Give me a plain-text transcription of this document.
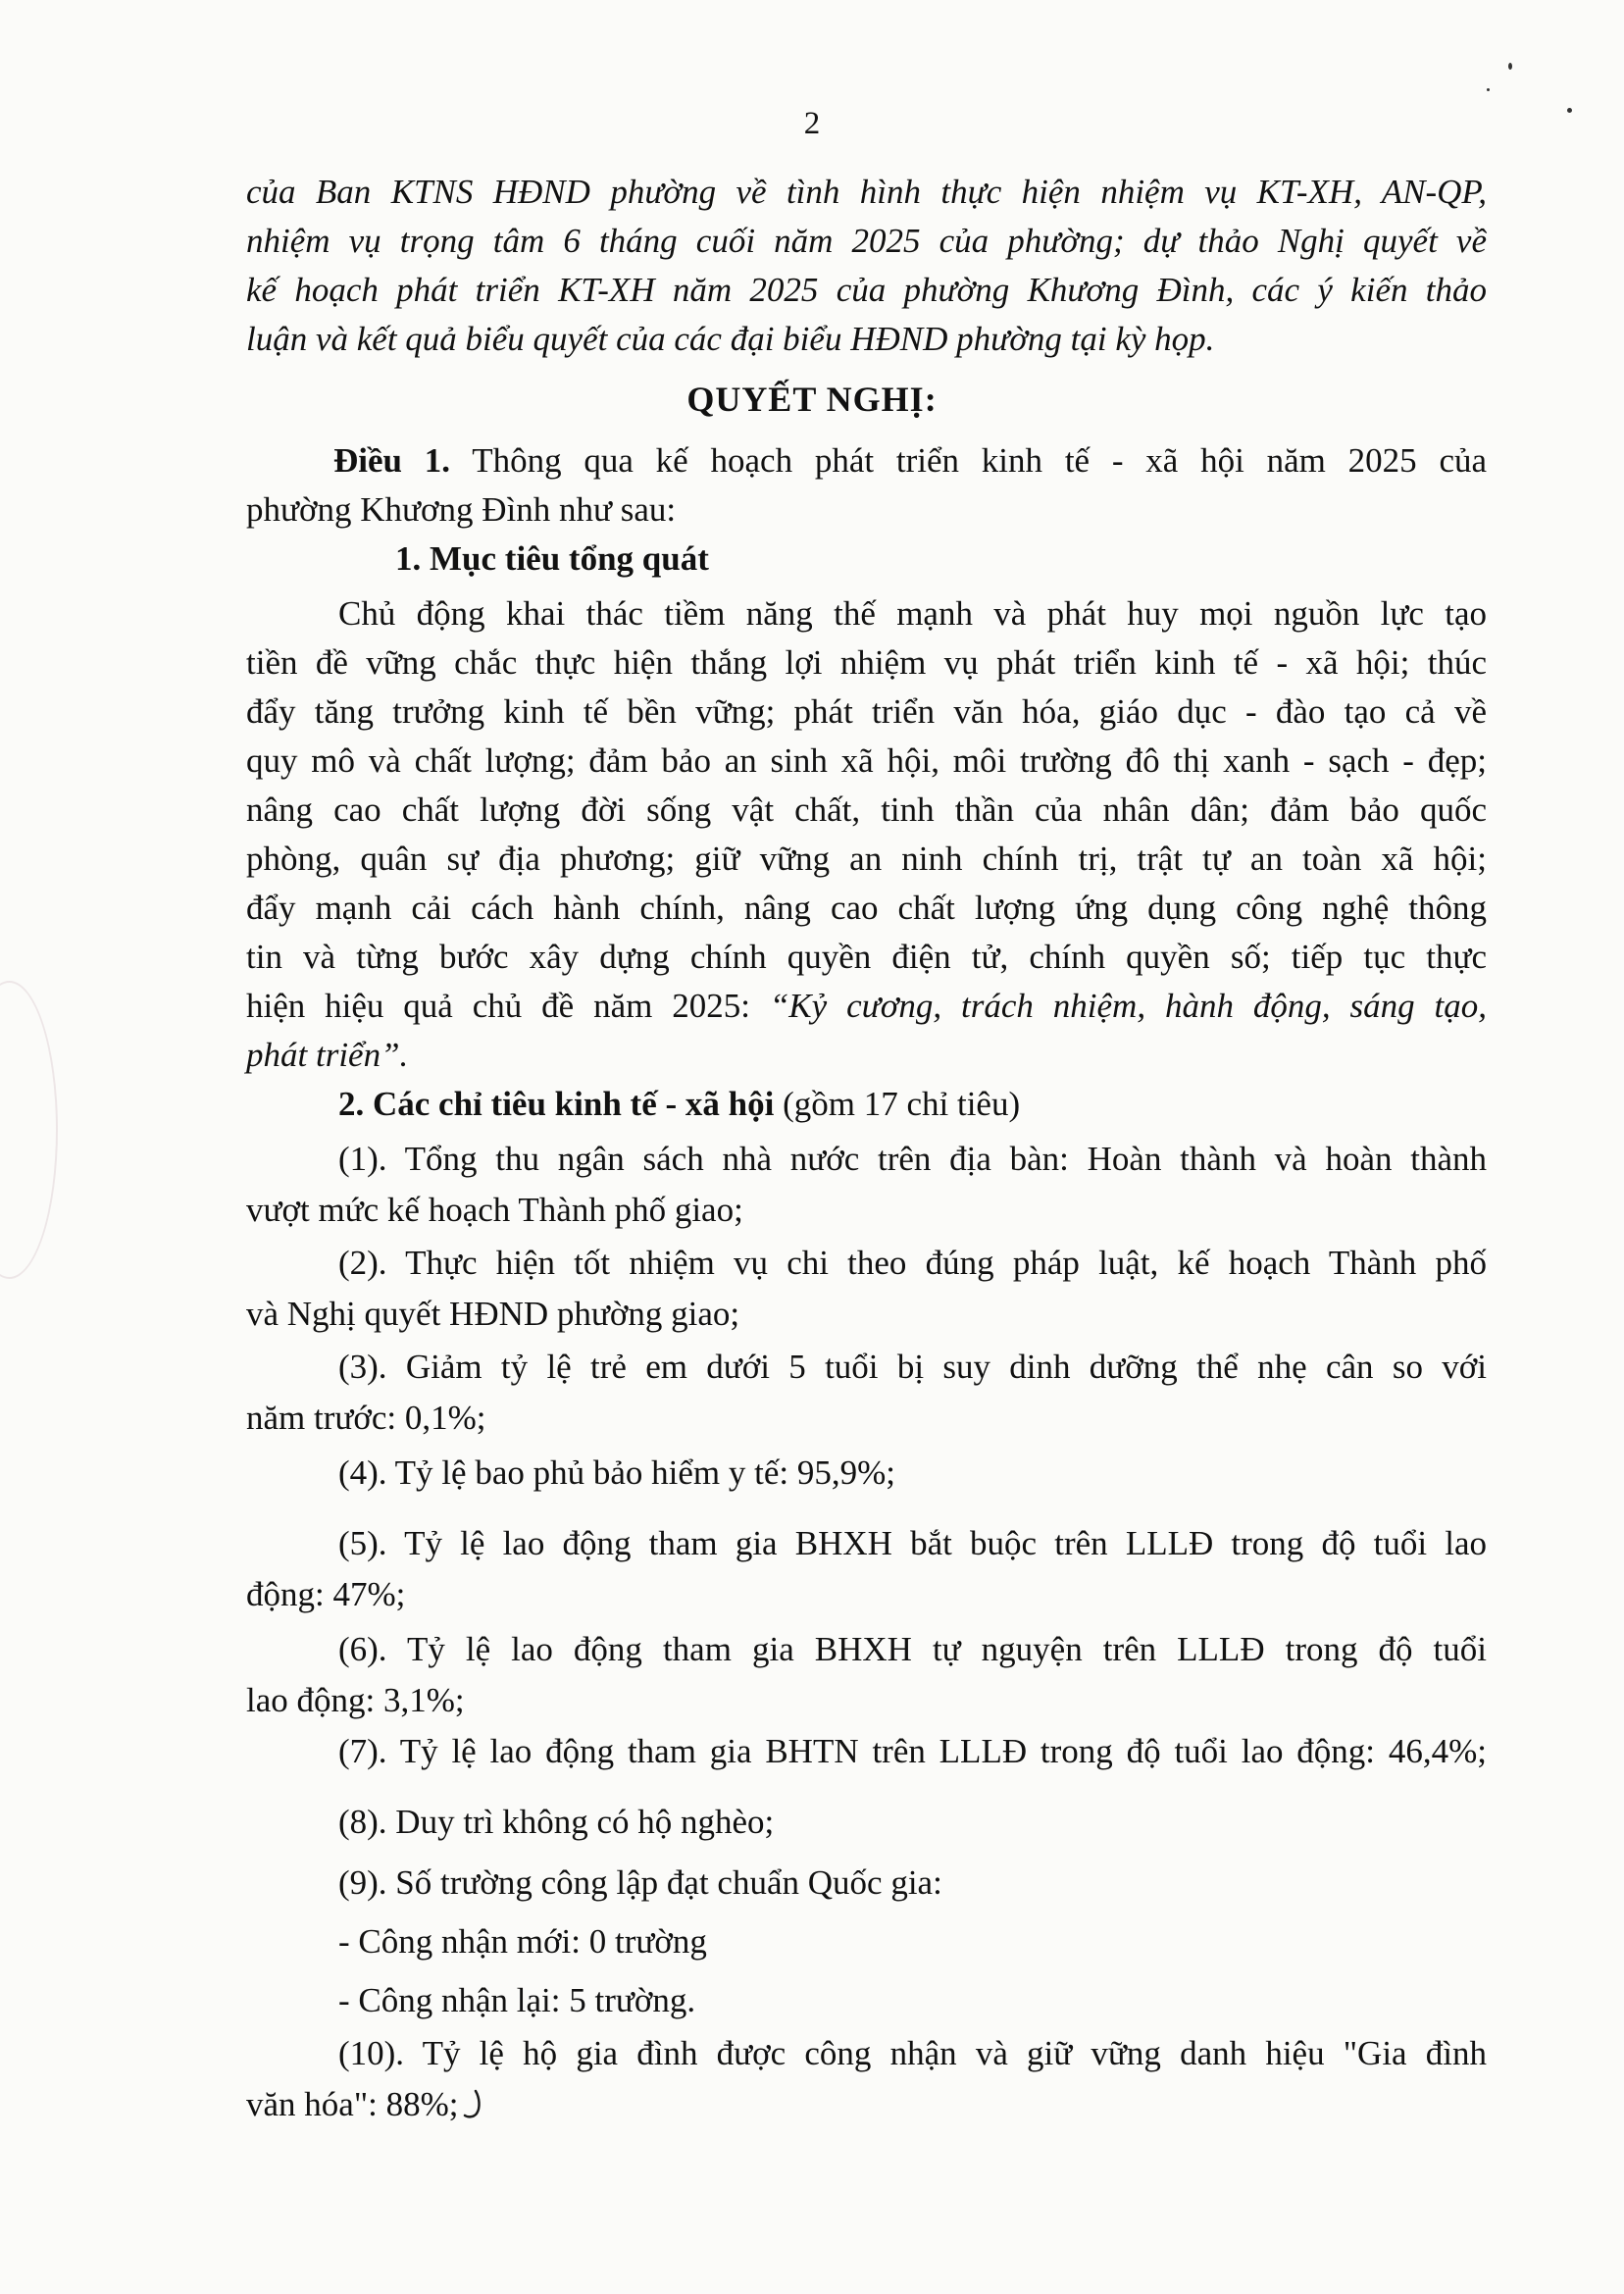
2
của Ban KTNS HĐND phường về tình hình thực hiện nhiệm vụ KT-XH, AN-QP,
nhiệm vụ trọng tâm 6 tháng cuối năm 2025 của phường; dự thảo Nghị quyết về
kế hoạch phát triển KT-XH năm 2025 của phường Khương Đình, các ý kiến thảo
luận và kết quả biểu quyết của các đại biểu HĐND phường tại kỳ họp.
QUYẾT NGHỊ:
Điều 1. Thông qua kế hoạch phát triển kinh tế - xã hội năm 2025 của
phường Khương Đình như sau:
1. Mục tiêu tổng quát
Chủ động khai thác tiềm năng thế mạnh và phát huy mọi nguồn lực tạo
tiền đề vững chắc thực hiện thắng lợi nhiệm vụ phát triển kinh tế - xã hội; thúc
đẩy tăng trưởng kinh tế bền vững; phát triển văn hóa, giáo dục - đào tạo cả về
quy mô và chất lượng; đảm bảo an sinh xã hội, môi trường đô thị xanh - sạch - đẹp;
nâng cao chất lượng đời sống vật chất, tinh thần của nhân dân; đảm bảo quốc
phòng, quân sự địa phương; giữ vững an ninh chính trị, trật tự an toàn xã hội;
đẩy mạnh cải cách hành chính, nâng cao chất lượng ứng dụng công nghệ thông
tin và từng bước xây dựng chính quyền điện tử, chính quyền số; tiếp tục thực
hiện hiệu quả chủ đề năm 2025: “Kỷ cương, trách nhiệm, hành động, sáng tạo,
phát triển”.
2. Các chỉ tiêu kinh tế - xã hội (gồm 17 chỉ tiêu)
(1). Tổng thu ngân sách nhà nước trên địa bàn: Hoàn thành và hoàn thành
vượt mức kế hoạch Thành phố giao;
(2). Thực hiện tốt nhiệm vụ chi theo đúng pháp luật, kế hoạch Thành phố
và Nghị quyết HĐND phường giao;
(3). Giảm tỷ lệ trẻ em dưới 5 tuổi bị suy dinh dưỡng thể nhẹ cân so với
năm trước: 0,1%;
(4). Tỷ lệ bao phủ bảo hiểm y tế: 95,9%;
(5). Tỷ lệ lao động tham gia BHXH bắt buộc trên LLLĐ trong độ tuổi lao
động: 47%;
(6). Tỷ lệ lao động tham gia BHXH tự nguyện trên LLLĐ trong độ tuổi
lao động: 3,1%;
(7). Tỷ lệ lao động tham gia BHTN trên LLLĐ trong độ tuổi lao động: 46,4%;
(8). Duy trì không có hộ nghèo;
(9). Số trường công lập đạt chuẩn Quốc gia:
- Công nhận mới: 0 trường
- Công nhận lại: 5 trường.
(10). Tỷ lệ hộ gia đình được công nhận và giữ vững danh hiệu "Gia đình
văn hóa": 88%;
